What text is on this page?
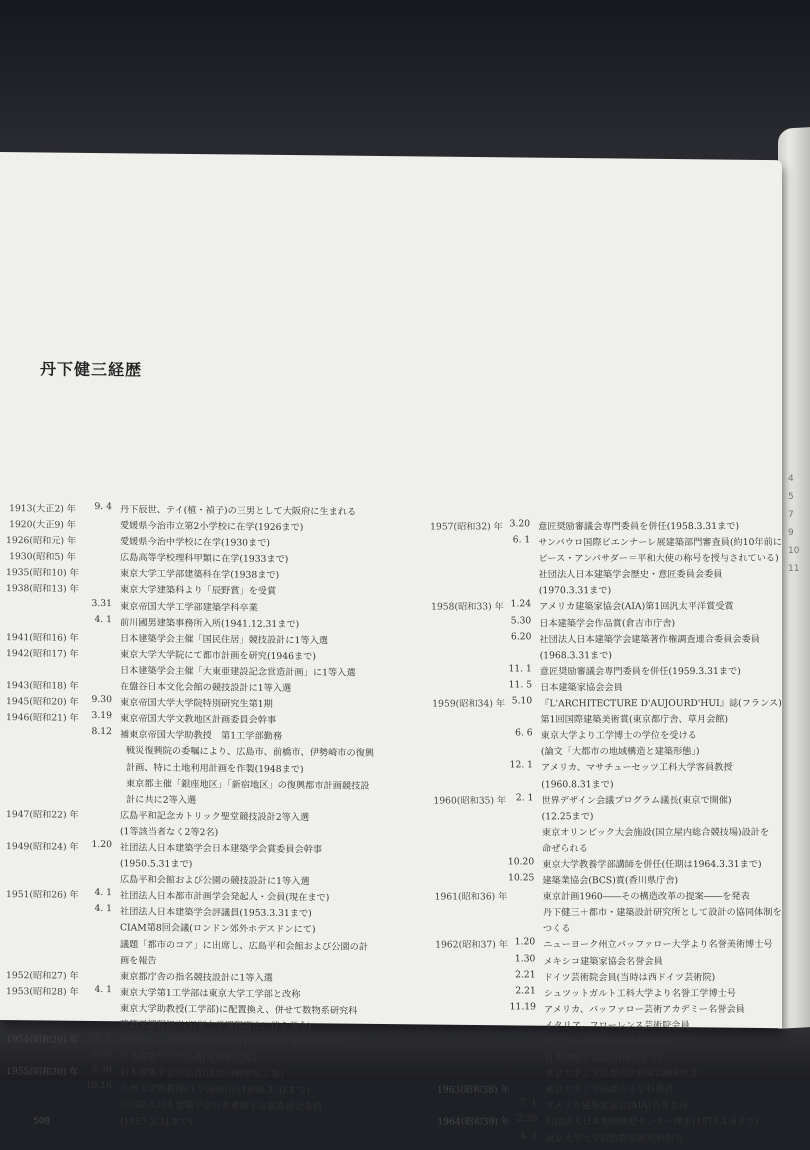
4
5
7
9
10
11
丹下健三経歴
1913(大正2) 年	9. 4 丹下辰世、テイ(植・禎子)の三男として大阪府に生まれる
1920(大正9) 年	愛媛県今治市立第2小学校に在学(1926まで)
1926(昭和元) 年	愛媛県今治中学校に在学(1930まで)
1930(昭和5) 年	広島高等学校理科甲類に在学(1933まで)
1935(昭和10) 年	東京大学工学部建築科在学(1938まで)
1938(昭和13) 年	東京大学建築科より「辰野賞」を受賞
3.31 東京帝国大学工学部建築学科卒業
4. 1 前川國男建築事務所入所(1941.12.31まで)
1941(昭和16) 年	日本建築学会主催「国民住居」競技設計に1等入選
1942(昭和17) 年	東京大学大学院にて都市計画を研究(1946まで)
日本建築学会主催「大東亜建設記念営造計画」に1等入選
1943(昭和18) 年	在盤谷日本文化会館の競技設計に1等入選
1945(昭和20) 年	9.30 東京帝国大学大学院特別研究生第1期
1946(昭和21) 年	3.19 東京帝国大学文教地区計画委員会幹事
8.12 補東京帝国大学助教授　第1工学部勤務
戦災復興院の委嘱により、広島市、前橋市、伊勢崎市の復興
計画、特に土地利用計画を作製(1948まで)
東京都主催「銀座地区」「新宿地区」の復興都市計画競技設
計に共に2等入選
1947(昭和22) 年	広島平和記念カトリック聖堂競技設計2等入選
(1等該当者なく2等2名)
1949(昭和24) 年	1.20 社団法人日本建築学会日本建築学会賞委員会幹事
(1950.5.31まで)
広島平和会館および公園の競技設計に1等入選
1951(昭和26) 年	4. 1 社団法人日本都市計画学会発起人・会員(現在まで)
4. 1 社団法人日本建築学会評議員(1953.3.31まで)
CIAM第8回会議(ロンドン郊外ホデスドンにて)
議題「都市のコア」に出席し、広島平和会館および公園の計
画を報告
1952(昭和27) 年	東京都庁舎の指名競技設計に1等入選
1953(昭和28) 年	4. 1 東京大学第1工学部は東京大学工学部と改称
東京大学助教授(工学部)に配置換え、併せて数物系研究科
建築学課程担当(旧制大学課程廃止に伴う発令)
1954(昭和29) 年	4. 1 社団法人日本建築学会評議員(1958.3.31まで)
5.30 日本建築学会作品賞(愛媛県民館)
1955(昭和30) 年	5.30 日本建築学会作品賞(図書印刷原町工場)
10.16 九州大学助教授(工学部)併任(1958.3.31まで)
社団法人日本建築学会日本建築学会賞委員会委員
(1957.3.31まで)
1957(昭和32) 年 3.20 意匠奨励審議会専門委員を併任(1958.3.31まで)
6. 1 サンパウロ国際ビエンナーレ展建築部門審査員(約10年前に
ピース・アンバサダー＝平和大使の称号を授与されている)
社団法人日本建築学会歴史・意匠委員会委員
(1970.3.31まで)
1958(昭和33) 年 1.24 アメリカ建築家協会(AIA)第1回汎太平洋賞受賞
5.30 日本建築学会作品賞(倉吉市庁舎)
6.20 社団法人日本建築学会建築著作権調査連合委員会委員
(1968.3.31まで)
11. 1 意匠奨励審議会専門委員を併任(1959.3.31まで)
11. 5 日本建築家協会会員
1959(昭和34) 年 5.10 『L'ARCHITECTURE D'AUJOURD'HUI』誌(フランス)
第1回国際建築美術賞(東京都庁舎、草月会館)
6. 6 東京大学より工学博士の学位を受ける
(論文「大都市の地域構造と建築形態」)
12. 1 アメリカ、マサチューセッツ工科大学客員教授
(1960.8.31まで)
1960(昭和35) 年	2. 1 世界デザイン会議プログラム議長(東京で開催)
(12.25まで)
東京オリンピック大会施設(国立屋内総合競技場)設計を
命ぜられる
10.20 東京大学教養学部講師を併任(任期は1964.3.31まで)
10.25 建築業協会(BCS)賞(香川県庁舎)
1961(昭和36) 年	東京計画1960――その構造改革の提案――を発表
丹下健三＋都市・建築設計研究所として設計の協同体制を
つくる
1962(昭和37) 年 1.20 ニューヨーク州立バッファロー大学より名誉美術博士号
1.30 メキシコ建築家協会名誉会員
2.21 ドイツ芸術院会員(当時は西ドイツ芸術院)
2.21 シュツットガルト工科大学より名誉工学博士号
11.19 アメリカ、バッファロー芸術アカデミー名誉会員
イタリア、フローレンス芸術院会員
デンマーク建築家協会名誉会員
日本地域学会会員(現在まで)
東京大学工学部都市計画第2講座担当
1963(昭和38) 年	東京大学工学部都市工学科教授
7. 1 アメリカ建築家協会(AIA)名誉会員
1964(昭和39) 年 2.20 財団法人日本地域開発センター理事(1973.1.6まで)
4. 1 東京大学大学院数物系研究科担当
508
